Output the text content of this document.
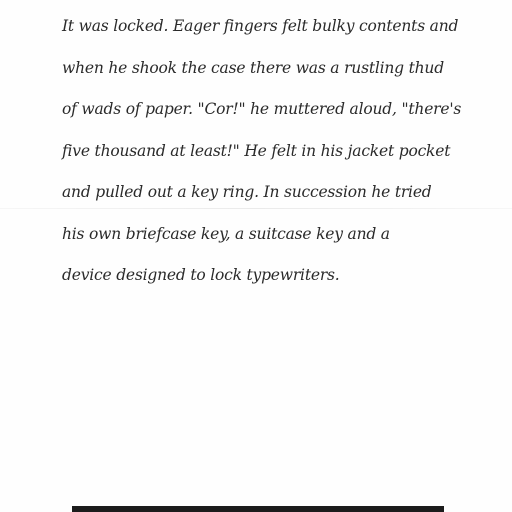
It was locked. Eager fingers felt bulky contents and
when he shook the case there was a rustling thud
of wads of paper. "Cor!" he muttered aloud, "there's
five thousand at least!" He felt in his jacket pocket
and pulled out a key ring. In succession he tried
his own briefcase key, a suitcase key and a
device designed to lock typewriters.
